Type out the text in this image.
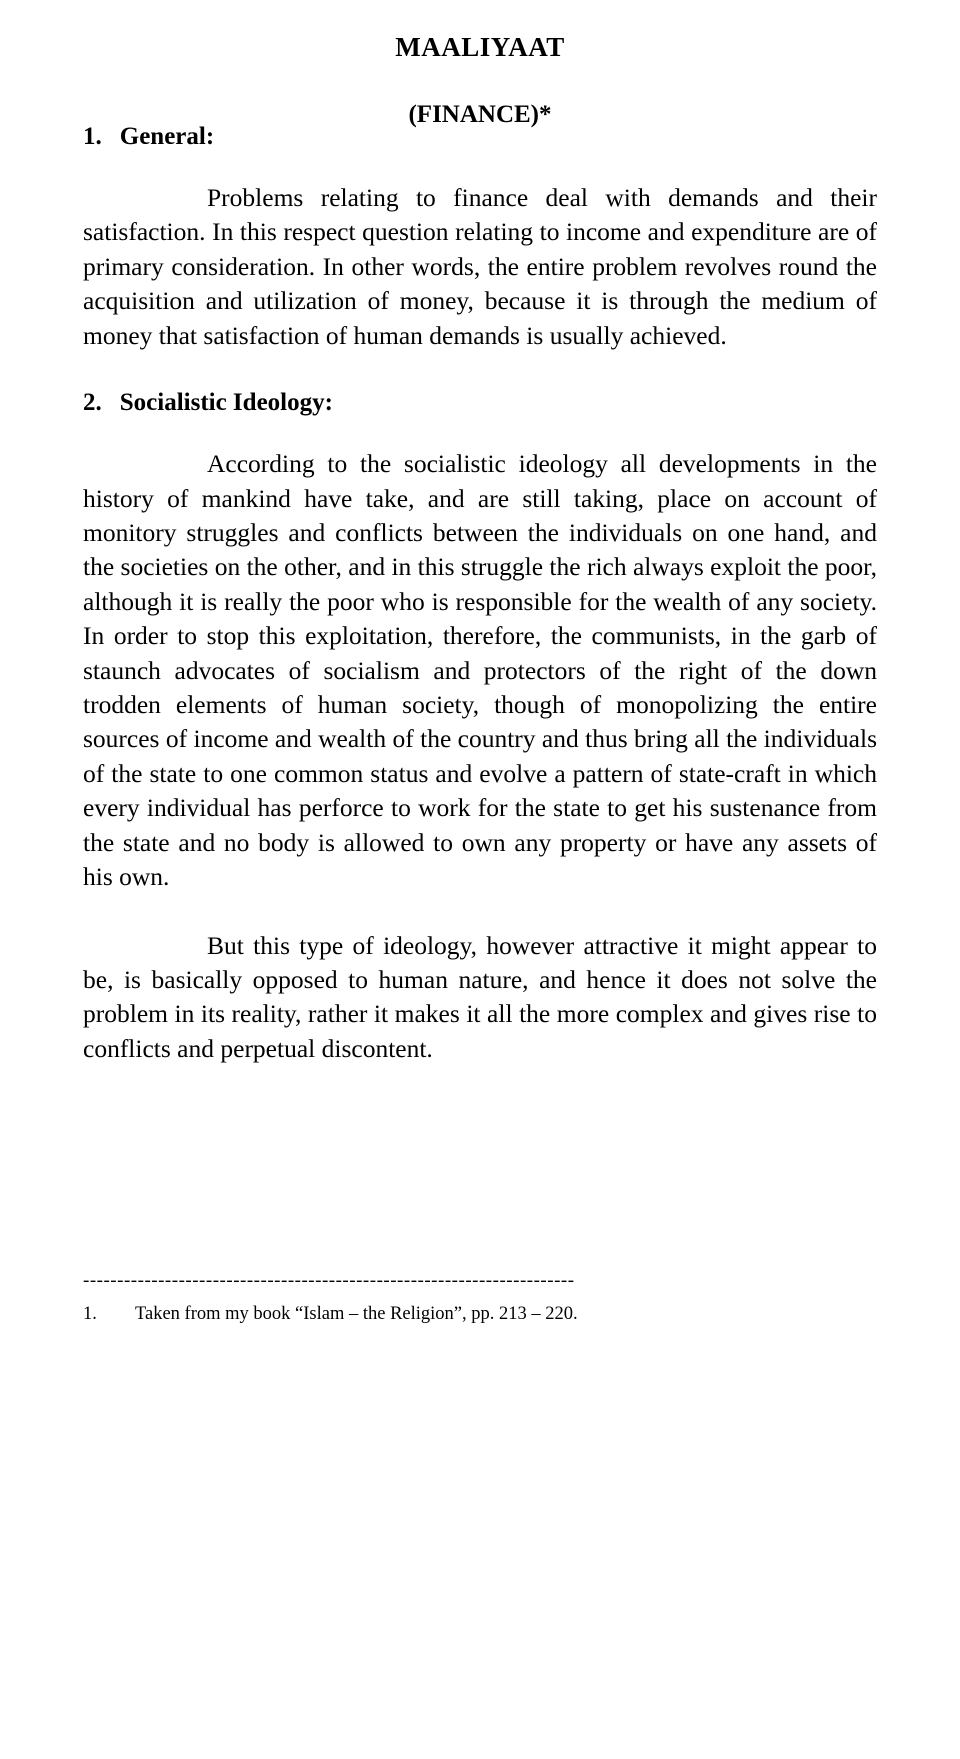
MAALIYAAT
(FINANCE)*
1. General:

Problems relating to finance deal with demands and their satisfaction. In this respect question relating to income and expenditure are of primary consideration. In other words, the entire problem revolves round the acquisition and utilization of money, because it is through the medium of money that satisfaction of human demands is usually achieved.

2. Socialistic Ideology:

According to the socialistic ideology all developments in the history of mankind have take, and are still taking, place on account of monitory struggles and conflicts between the individuals on one hand, and the societies on the other, and in this struggle the rich always exploit the poor, although it is really the poor who is responsible for the wealth of any society. In order to stop this exploitation, therefore, the communists, in the garb of staunch advocates of socialism and protectors of the right of the down trodden elements of human society, though of monopolizing the entire sources of income and wealth of the country and thus bring all the individuals of the state to one common status and evolve a pattern of state-craft in which every individual has perforce to work for the state to get his sustenance from the state and no body is allowed to own any property or have any assets of his own.

But this type of ideology, however attractive it might appear to be, is basically opposed to human nature, and hence it does not solve the problem in its reality, rather it makes it all the more complex and gives rise to conflicts and perpetual discontent.

------------------------------------------------------------------------
1.	Taken from my book “Islam – the Religion”, pp. 213 – 220.
